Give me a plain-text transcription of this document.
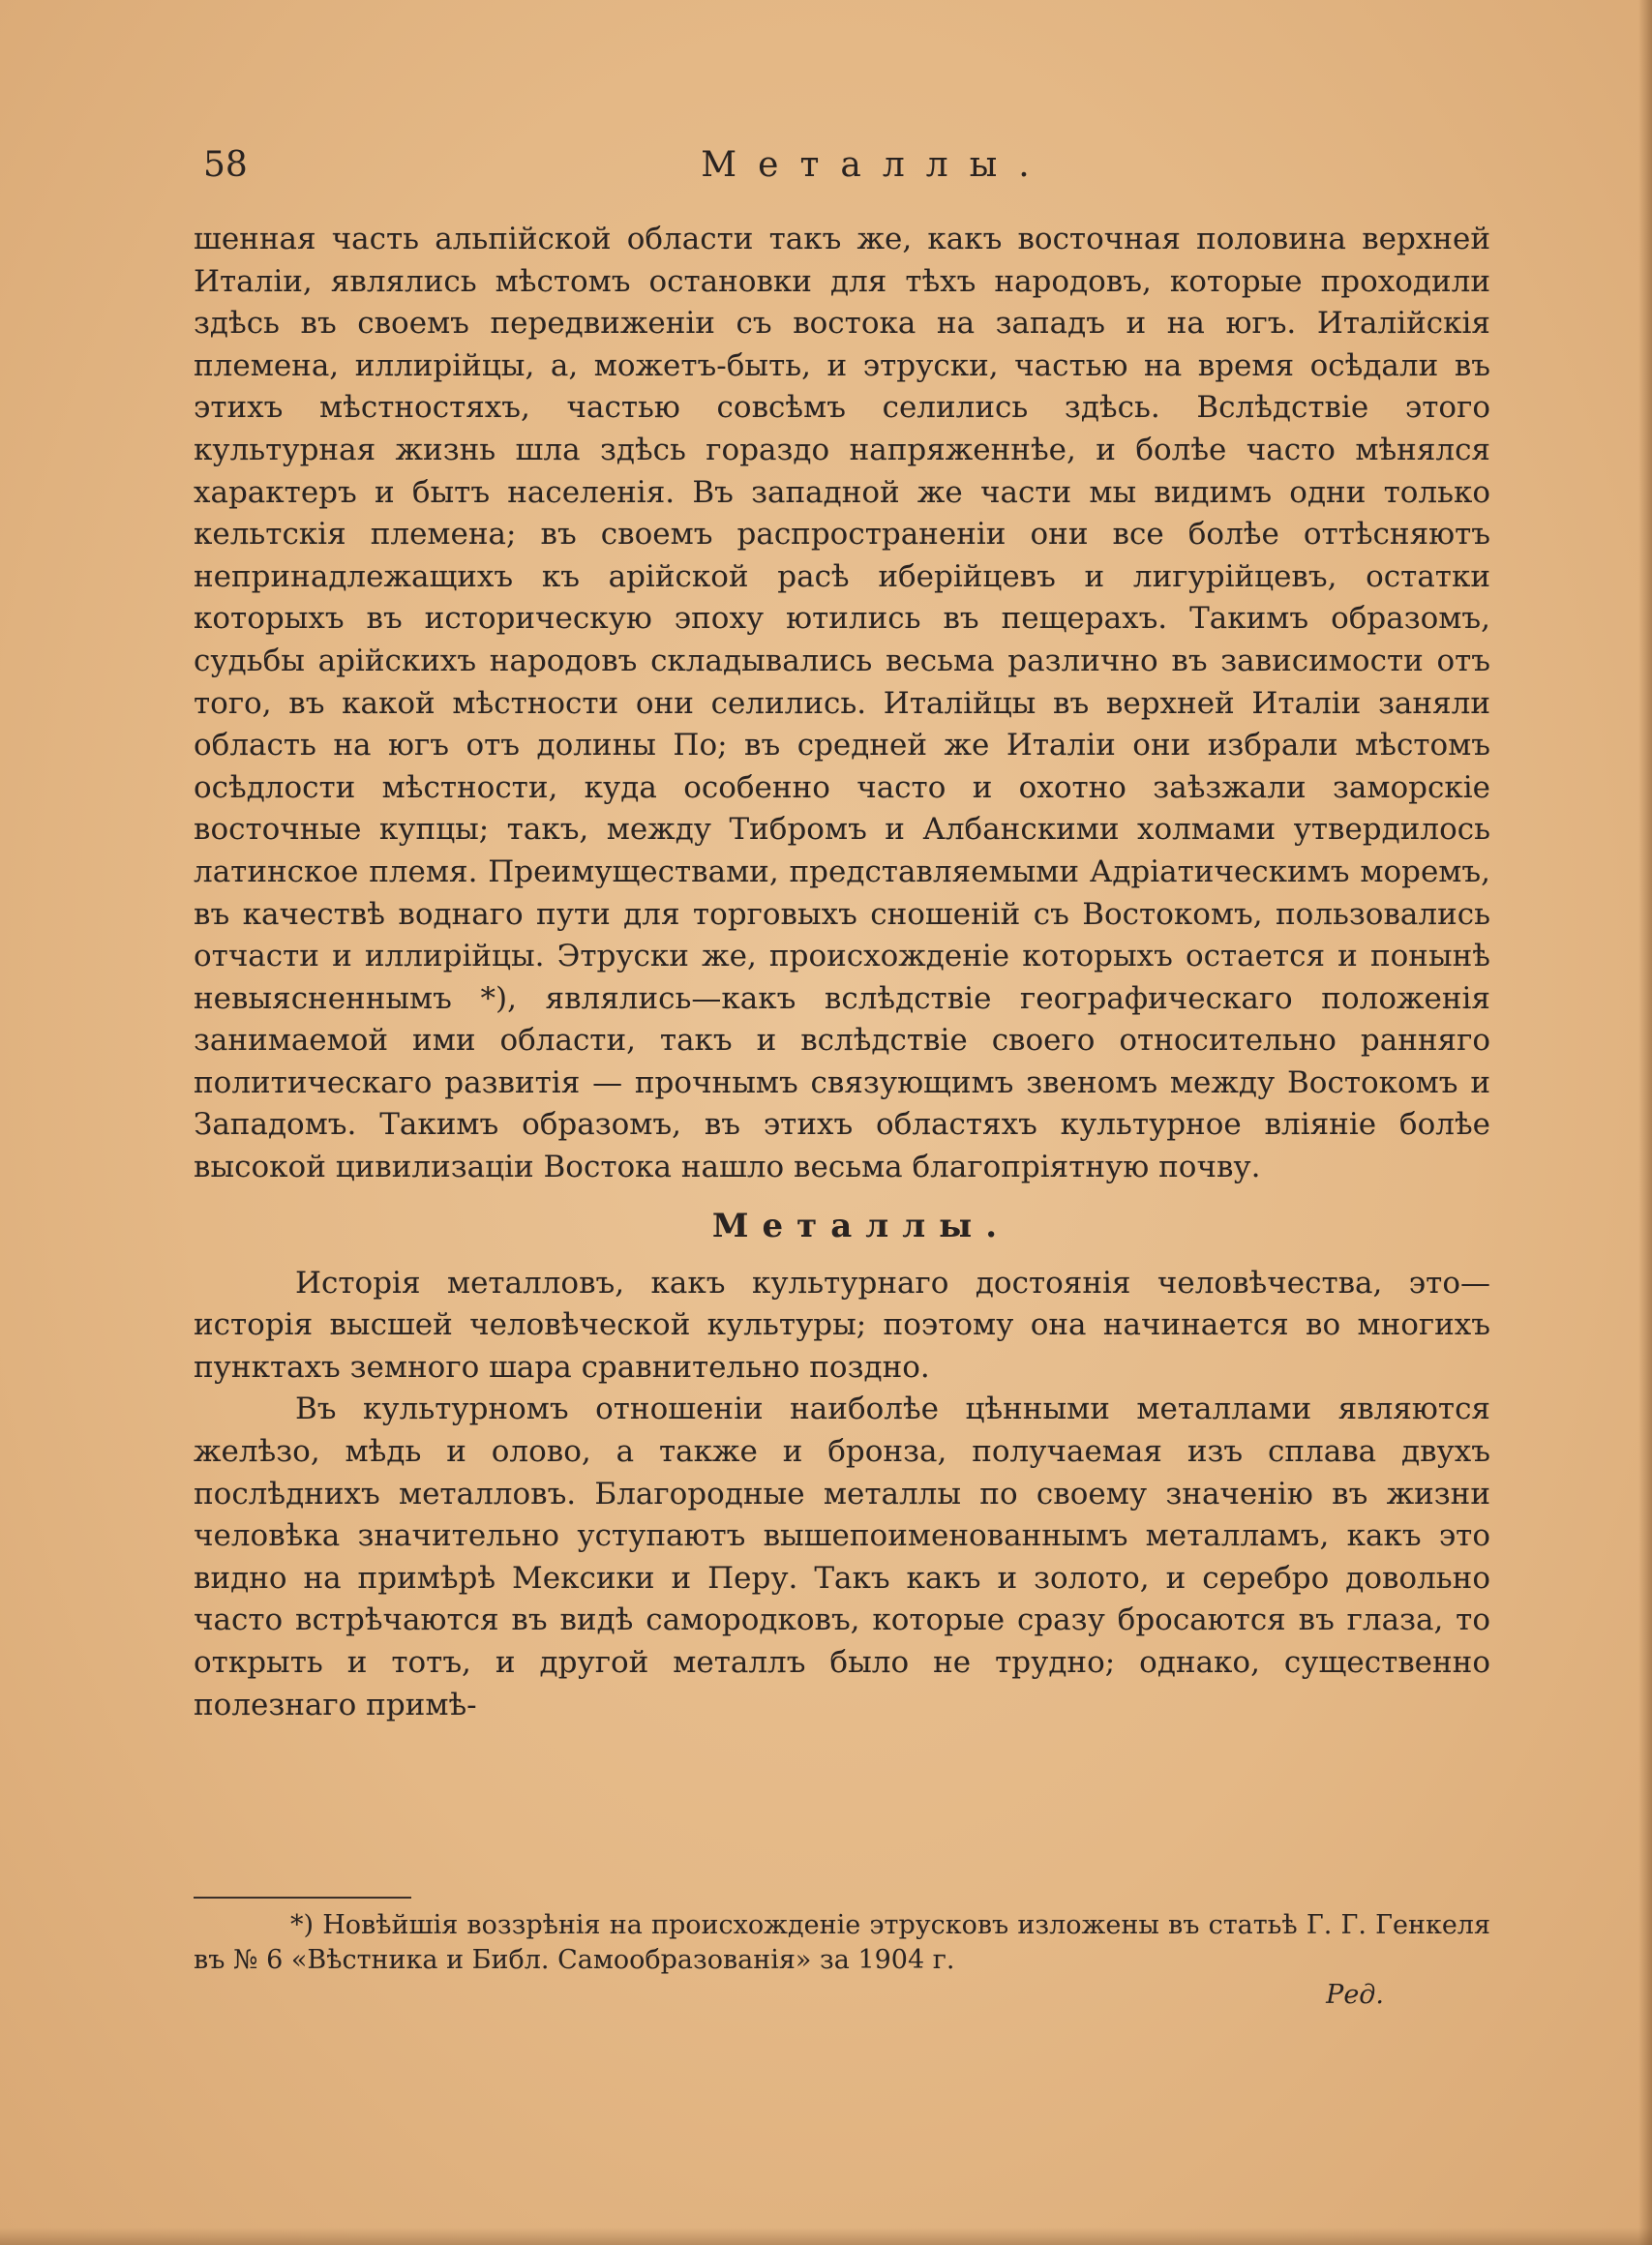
58	Металлы.

шенная часть альпiйской области такъ же, какъ восточная половина верхней Италiи, являлись мѣстомъ остановки для тѣхъ народовъ, которые проходили здѣсь въ своемъ передвиженiи съ востока на западъ и на югъ. Италiйскiя племена, иллирiйцы, а, можетъ-быть, и этруски, частью на время осѣдали въ этихъ мѣстностяхъ, частью совсѣмъ селились здѣсь. Вслѣдствiе этого культурная жизнь шла здѣсь гораздо напряженнѣе, и болѣе часто мѣнялся характеръ и бытъ населенiя. Въ западной же части мы видимъ одни только кельтскiя племена; въ своемъ распространенiи они все болѣе оттѣсняютъ непринадлежащихъ къ арiйской расѣ иберiйцевъ и лигурiйцевъ, остатки которыхъ въ историческую эпоху ютились въ пещерахъ. Такимъ образомъ, судьбы арiйскихъ народовъ складывались весьма различно въ зависимости отъ того, въ какой мѣстности они селились. Италiйцы въ верхней Италiи заняли область на югъ отъ долины По; въ средней же Италiи они избрали мѣстомъ осѣдлости мѣстности, куда особенно часто и охотно заѣзжали заморскiе восточные купцы; такъ, между Тибромъ и Албанскими холмами утвердилось латинское племя. Преимуществами, представляемыми Адрiатическимъ моремъ, въ качествѣ воднаго пути для торговыхъ сношенiй съ Востокомъ, пользовались отчасти и иллирiйцы. Этруски же, происхожденiе которыхъ остается и понынѣ невыясненнымъ *), являлись—какъ вслѣдствiе географическаго положенiя занимаемой ими области, такъ и вслѣдствiе своего относительно ранняго политическаго развитiя — прочнымъ связующимъ звеномъ между Востокомъ и Западомъ. Такимъ образомъ, въ этихъ областяхъ культурное влiянiе болѣе высокой цивилизацiи Востока нашло весьма благопрiятную почву.

Металлы.

Исторiя металловъ, какъ культурнаго достоянiя человѣчества, это—исторiя высшей человѣческой культуры; поэтому она начинается во многихъ пунктахъ земного шара сравнительно поздно.

Въ культурномъ отношенiи наиболѣе цѣнными металлами являются желѣзо, мѣдь и олово, а также и бронза, получаемая изъ сплава двухъ послѣднихъ металловъ. Благородные металлы по своему значенiю въ жизни человѣка значительно уступаютъ вышепоименованнымъ металламъ, какъ это видно на примѣрѣ Мексики и Перу. Такъ какъ и золото, и серебро довольно часто встрѣчаются въ видѣ самородковъ, которые сразу бросаются въ глаза, то открыть и тотъ, и другой металлъ было не трудно; однако, существенно полезнаго примѣ-

*) Новѣйшiя воззрѣнiя на происхожденiе этрусковъ изложены въ статьѣ Г. Г. Генкеля въ № 6 «Вѣстника и Библ. Самообразованiя» за 1904 г.

Ред.
